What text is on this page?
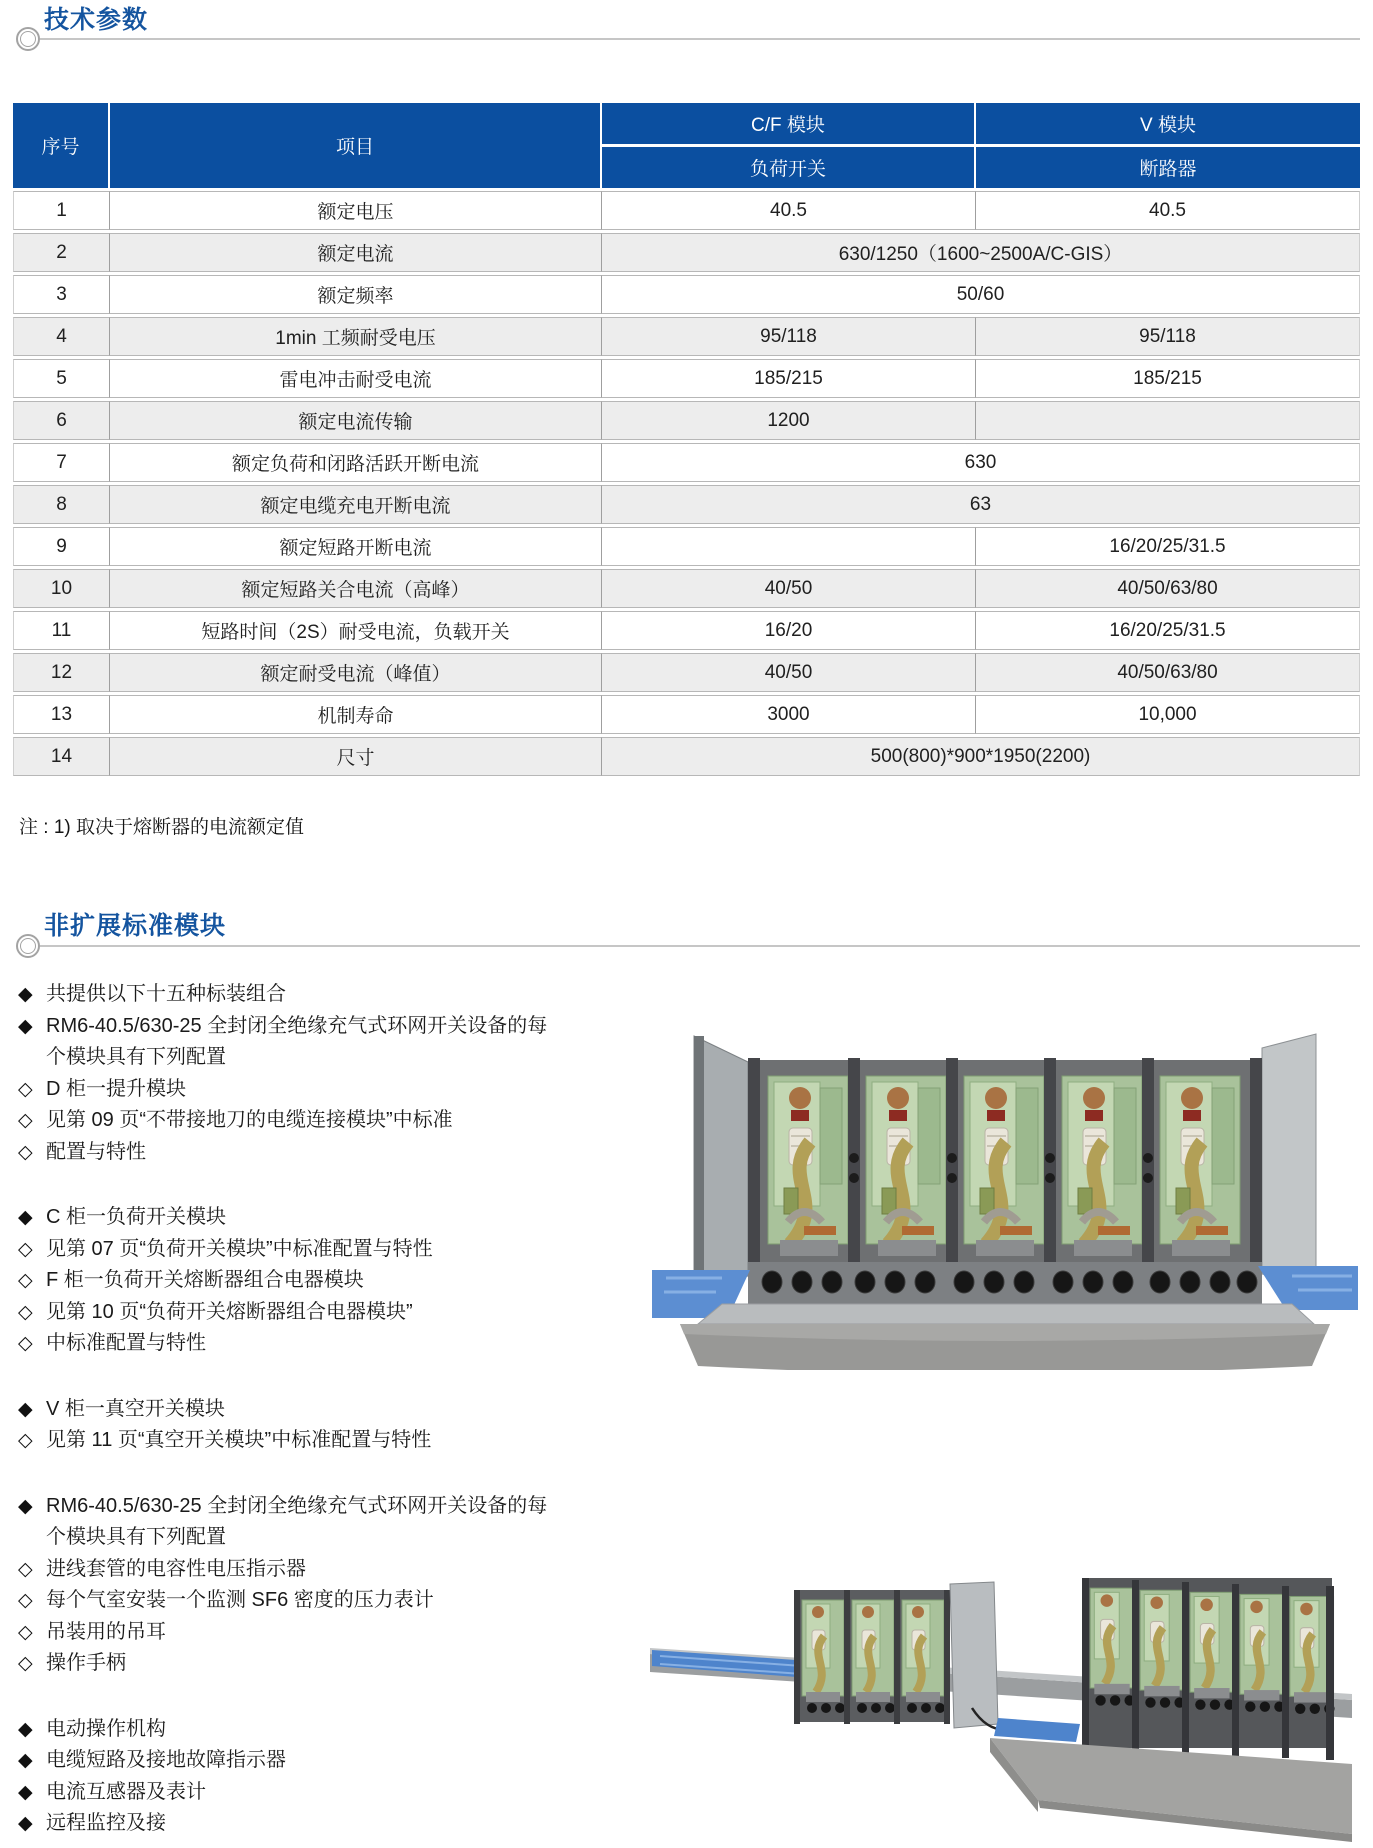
技术参数
序号	项目	C/F 模块	V 模块
		负荷开关	断路器
1	额定电压	40.5	40.5
2	额定电流	630/1250（1600~2500A/C-GIS）	
3	额定频率	50/60	
4	1min 工频耐受电压	95/118	95/118
5	雷电冲击耐受电流	185/215	185/215
6	额定电流传输	1200	
7	额定负荷和闭路活跃开断电流	630	
8	额定电缆充电开断电流	63	
9	额定短路开断电流		16/20/25/31.5
10	额定短路关合电流（高峰）	40/50	40/50/63/80
11	短路时间（2S）耐受电流，负载开关	16/20	16/20/25/31.5
12	额定耐受电流（峰值）	40/50	40/50/63/80
13	机制寿命	3000	10,000
14	尺寸	500(800)*900*1950(2200)	
注 : 1) 取决于熔断器的电流额定值
非扩展标准模块
◆ 共提供以下十五种标装组合
◆ RM6-40.5/630-25 全封闭全绝缘充气式环网开关设备的每
个模块具有下列配置
◇ D 柜一提升模块
◇ 见第 09 页“不带接地刀的电缆连接模块”中标准
◇ 配置与特性
◆ C 柜一负荷开关模块
◇ 见第 07 页“负荷开关模块”中标准配置与特性
◇ F 柜一负荷开关熔断器组合电器模块
◇ 见第 10 页“负荷开关熔断器组合电器模块”
◇ 中标准配置与特性
◆ V 柜一真空开关模块
◇ 见第 11 页“真空开关模块”中标准配置与特性
◆ RM6-40.5/630-25 全封闭全绝缘充气式环网开关设备的每
个模块具有下列配置
◇ 进线套管的电容性电压指示器
◇ 每个气室安装一个监测 SF6 密度的压力表计
◇ 吊装用的吊耳
◇ 操作手柄
◆ 电动操作机构
◆ 电缆短路及接地故障指示器
◆ 电流互感器及表计
◆ 远程监控及接
